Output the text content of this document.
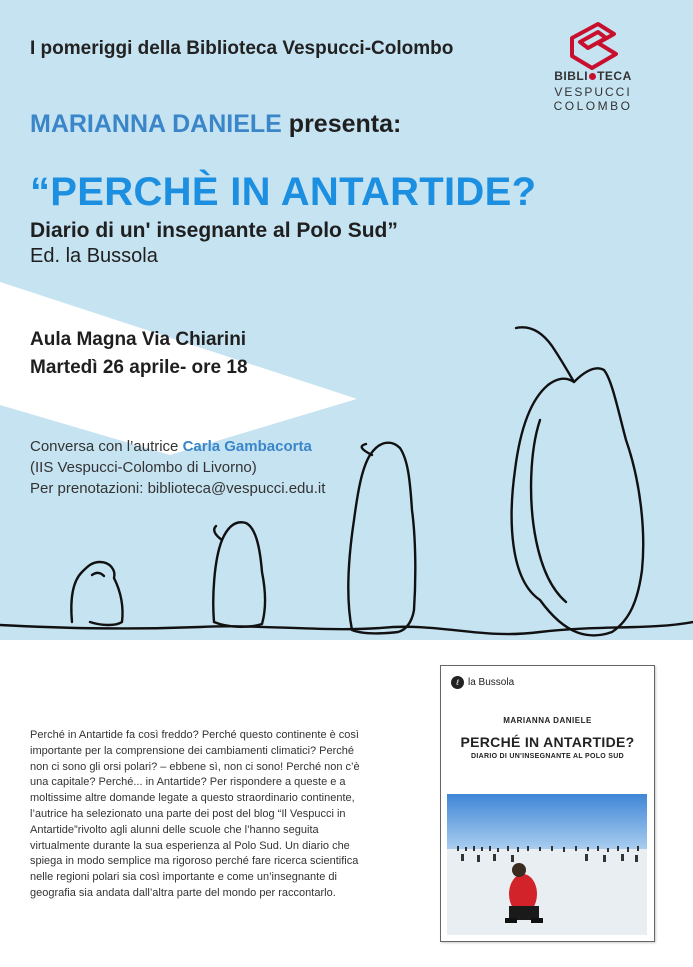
I pomeriggi della Biblioteca Vespucci-Colombo
MARIANNA DANIELE presenta:
“PERCHÈ IN ANTARTIDE?
Diario di un' insegnante al Polo Sud”
Ed. la Bussola
Aula Magna Via Chiarini
Martedì 26 aprile- ore 18
Conversa con l’autrice Carla Gambacorta
(IIS Vespucci-Colombo di Livorno)
Per prenotazioni: biblioteca@vespucci.edu.it
BIBLI TECA
VESPUCCI
COLOMBO
Perché in Antartide fa così freddo? Perché questo continente è così importante per la comprensione dei cambiamenti climatici? Perché non ci sono gli orsi polari? – ebbene sì, non ci sono! Perché non c’è una capitale? Perché... in Antartide? Per rispondere a queste e a moltissime altre domande legate a questo straordinario continente, l’autrice ha selezionato una parte dei post del blog “Il Vespucci in Antartide”rivolto agli alunni delle scuole che l’hanno seguita virtualmente durante la sua esperienza al Polo Sud. Un diario che spiega in modo semplice ma rigoroso perché fare ricerca scientifica nelle regioni polari sia così importante e come un’insegnante di geografia sia andata dall’altra parte del mondo per raccontarlo.
ℓ la Bussola
MARIANNA DANIELE
PERCHÉ IN ANTARTIDE?
DIARIO DI UN'INSEGNANTE AL POLO SUD
